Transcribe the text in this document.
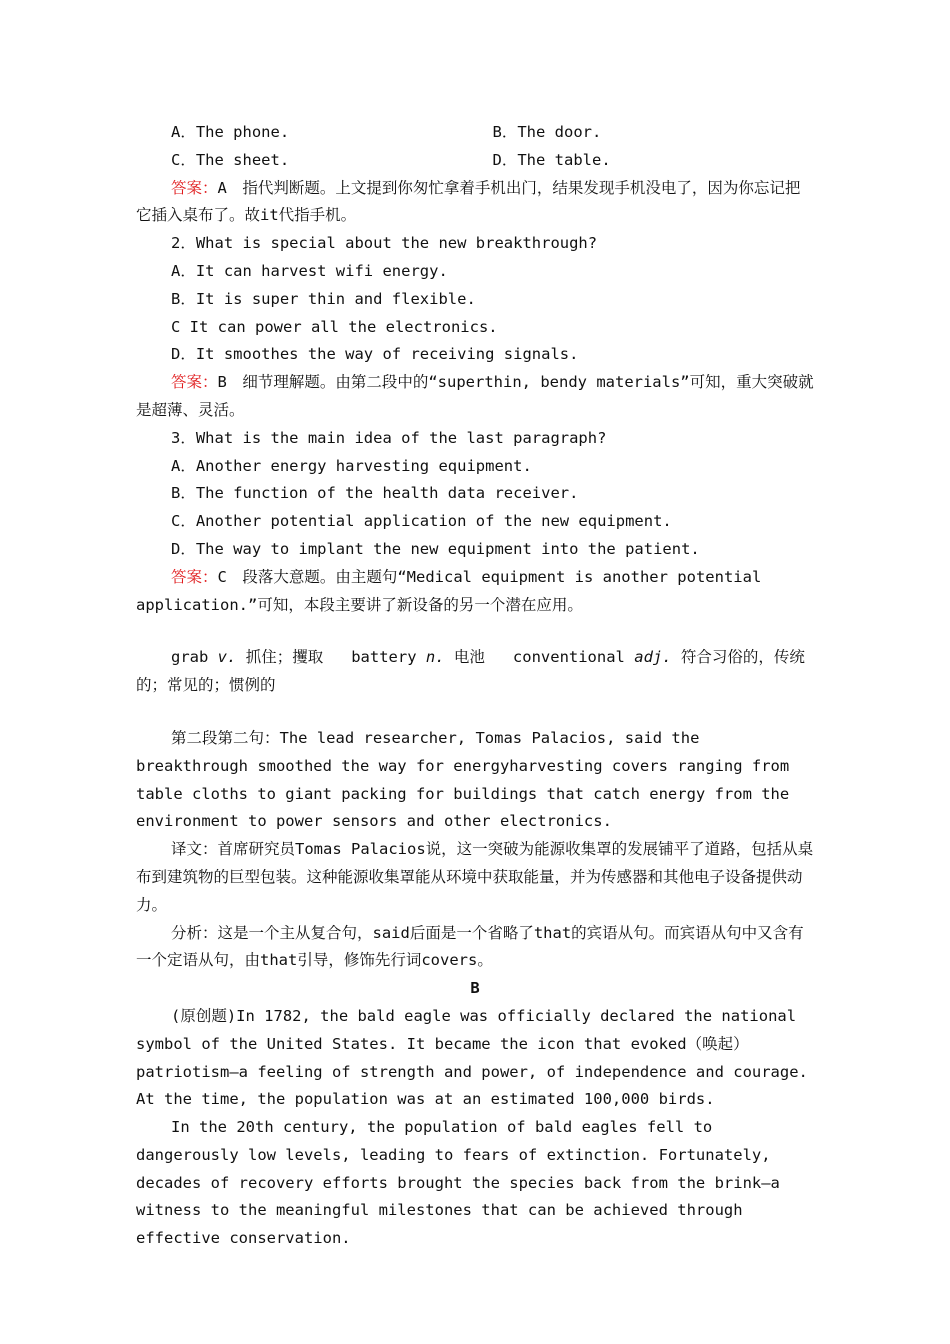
A．The phone.	B．The door.
C．The sheet.	D．The table.
答案：A　指代判断题。上文提到你匆忙拿着手机出门，结果发现手机没电了，因为你忘记把它插入桌布了。故it代指手机。
2．What is special about the new breakthrough?
A．It can harvest wifi energy.
B．It is super thin and flexible.
C It can power all the electronics.
D．It smoothes the way of receiving signals.
答案：B　细节理解题。由第二段中的“superthin, bendy materials”可知，重大突破就是超薄、灵活。
3．What is the main idea of the last paragraph?
A．Another energy harvesting equipment.
B．The function of the health data receiver.
C．Another potential application of the new equipment.
D．The way to implant the new equipment into the patient.
答案：C　段落大意题。由主题句“Medical equipment is another potential application.”可知，本段主要讲了新设备的另一个潜在应用。
grab v. 抓住；攫取 battery n. 电池 conventional adj. 符合习俗的，传统的；常见的；惯例的
第二段第二句：The lead researcher, Tomas Palacios, said the breakthrough smoothed the way for energyharvesting covers ranging from table cloths to giant packing for buildings that catch energy from the environment to power sensors and other electronics.
译文：首席研究员Tomas Palacios说，这一突破为能源收集罩的发展铺平了道路，包括从桌布到建筑物的巨型包装。这种能源收集罩能从环境中获取能量，并为传感器和其他电子设备提供动力。
分析：这是一个主从复合句，said后面是一个省略了that的宾语从句。而宾语从句中又含有一个定语从句，由that引导，修饰先行词covers。
B
(原创题)In 1782, the bald eagle was officially declared the national symbol of the United States. It became the icon that evoked（唤起）patriotism—a feeling of strength and power, of independence and courage. At the time, the population was at an estimated 100,000 birds.
In the 20th century, the population of bald eagles fell to dangerously low levels, leading to fears of extinction. Fortunately, decades of recovery efforts brought the species back from the brink—a witness to the meaningful milestones that can be achieved through effective conservation.
